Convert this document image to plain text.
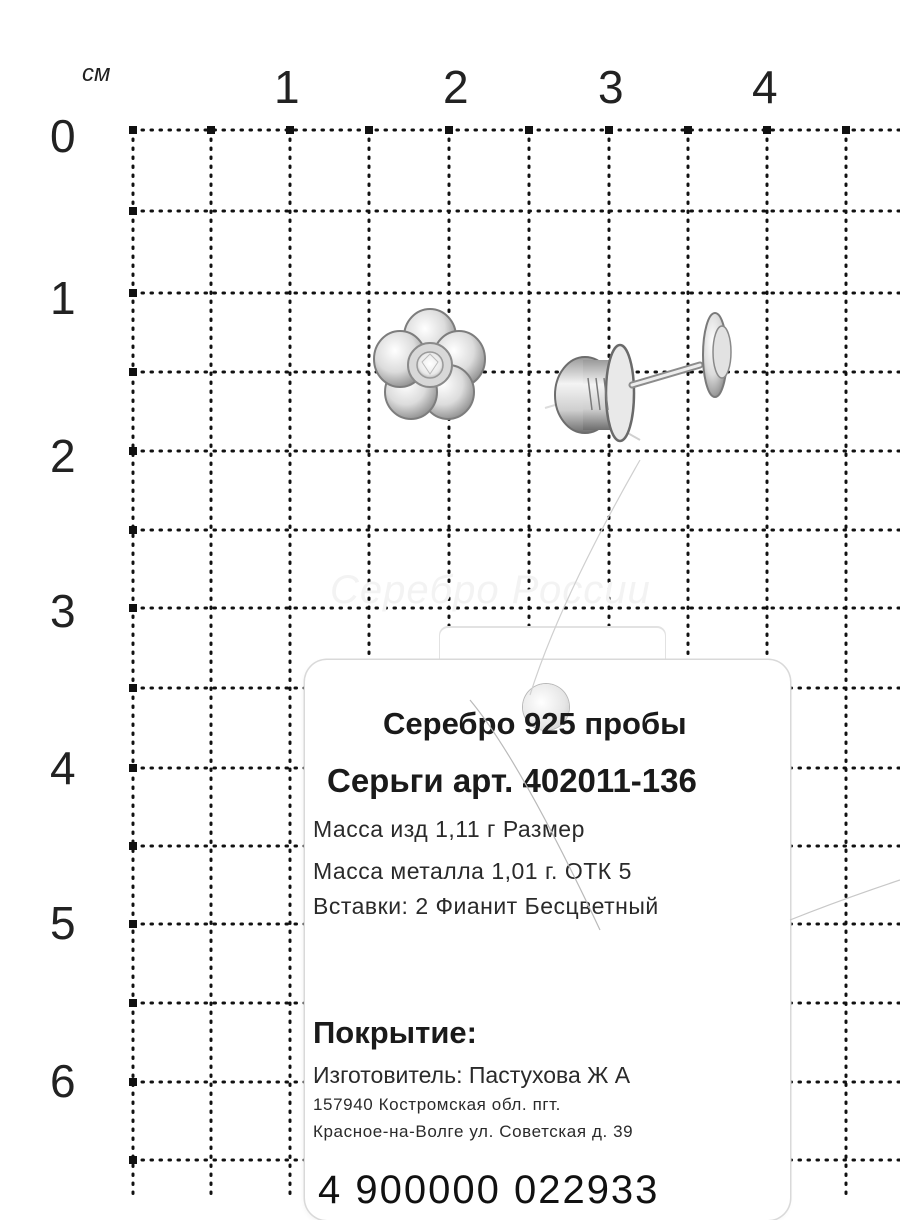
см	1	2	3	4
0
1
2
3
4
5
6
Серебро России
Серебро 925 пробы
Серьги арт. 402011-136
Масса изд 1,11 г Размер
Масса металла 1,01 г. ОТК 5
Вставки: 2 Фианит Бесцветный
Покрытие:
Изготовитель: Пастухова Ж А
157940 Костромская обл. пгт.
Красное-на-Волге ул. Советская д. 39
4 900000 022933
